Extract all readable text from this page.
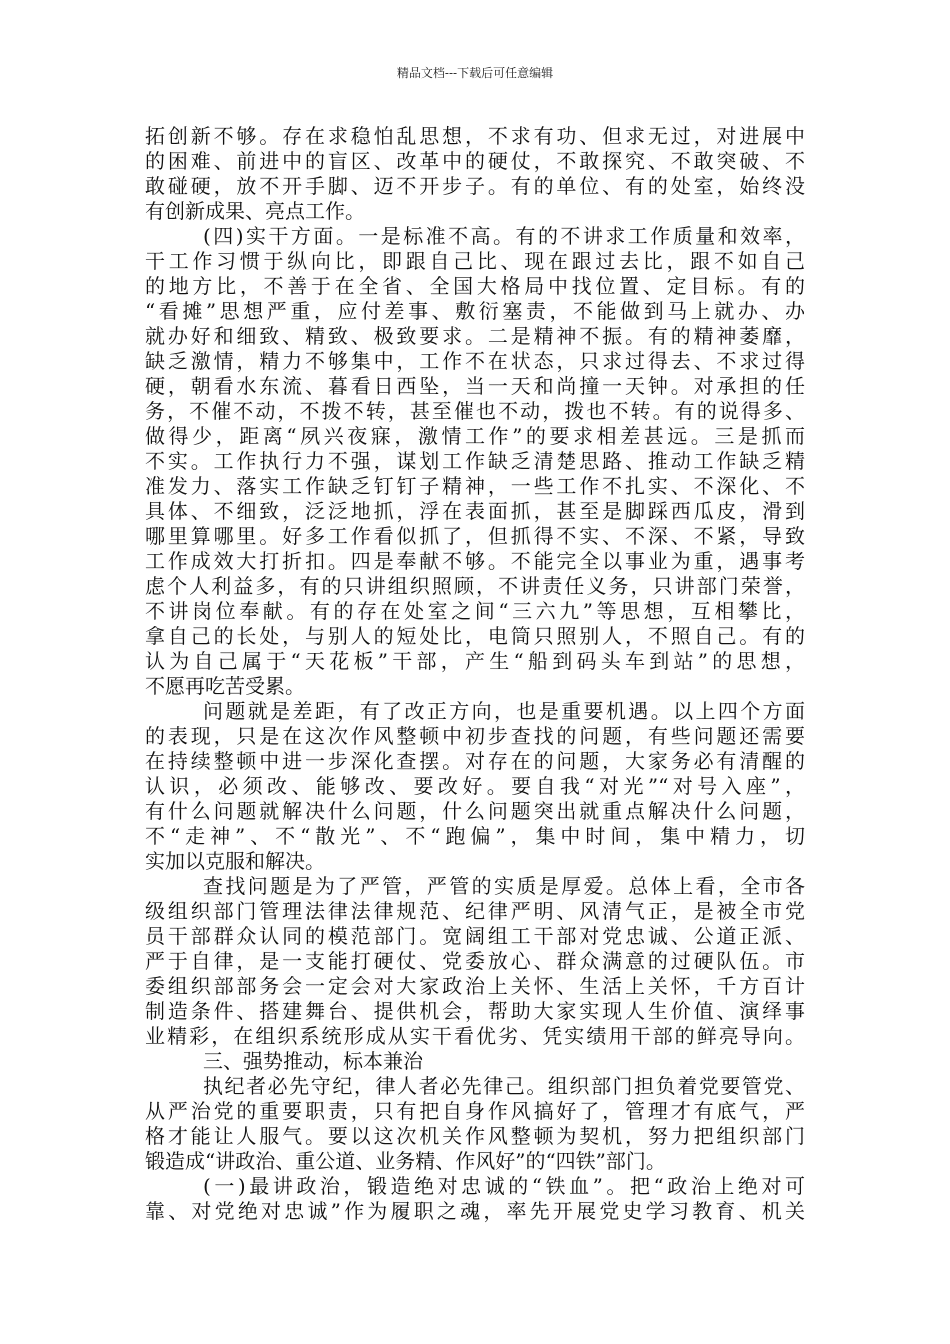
精品文档---下载后可任意编辑
拓创新不够。存在求稳怕乱思想，不求有功、但求无过，对进展中
的困难、前进中的盲区、改革中的硬仗，不敢探究、不敢突破、不
敢碰硬，放不开手脚、迈不开步子。有的单位、有的处室，始终没
有创新成果、亮点工作。
(四)实干方面。一是标准不高。有的不讲求工作质量和效率，
干工作习惯于纵向比，即跟自己比、现在跟过去比，跟不如自己
的地方比，不善于在全省、全国大格局中找位置、定目标。有的
“看摊”思想严重，应付差事、敷衍塞责，不能做到马上就办、办
就办好和细致、精致、极致要求。二是精神不振。有的精神萎靡，
缺乏激情，精力不够集中，工作不在状态，只求过得去、不求过得
硬，朝看水东流、暮看日西坠，当一天和尚撞一天钟。对承担的任
务，不催不动，不拨不转，甚至催也不动，拨也不转。有的说得多、
做得少，距离“夙兴夜寐，激情工作”的要求相差甚远。三是抓而
不实。工作执行力不强，谋划工作缺乏清楚思路、推动工作缺乏精
准发力、落实工作缺乏钉钉子精神，一些工作不扎实、不深化、不
具体、不细致，泛泛地抓，浮在表面抓，甚至是脚踩西瓜皮，滑到
哪里算哪里。好多工作看似抓了，但抓得不实、不深、不紧，导致
工作成效大打折扣。四是奉献不够。不能完全以事业为重，遇事考
虑个人利益多，有的只讲组织照顾，不讲责任义务，只讲部门荣誉，
不讲岗位奉献。有的存在处室之间“三六九”等思想，互相攀比，
拿自己的长处，与别人的短处比，电筒只照别人，不照自己。有的
认为自己属于“天花板”干部，产生“船到码头车到站”的思想，
不愿再吃苦受累。
问题就是差距，有了改正方向，也是重要机遇。以上四个方面
的表现，只是在这次作风整顿中初步查找的问题，有些问题还需要
在持续整顿中进一步深化查摆。对存在的问题，大家务必有清醒的
认识，必须改、能够改、要改好。要自我“对光”“对号入座”，
有什么问题就解决什么问题，什么问题突出就重点解决什么问题，
不“走神”、不“散光”、不“跑偏”，集中时间，集中精力，切
实加以克服和解决。
查找问题是为了严管，严管的实质是厚爱。总体上看，全市各
级组织部门管理法律法律规范、纪律严明、风清气正，是被全市党
员干部群众认同的模范部门。宽阔组工干部对党忠诚、公道正派、
严于自律，是一支能打硬仗、党委放心、群众满意的过硬队伍。市
委组织部部务会一定会对大家政治上关怀、生活上关怀，千方百计
制造条件、搭建舞台、提供机会，帮助大家实现人生价值、演绎事
业精彩，在组织系统形成从实干看优劣、凭实绩用干部的鲜亮导向。
三、强势推动，标本兼治
执纪者必先守纪，律人者必先律己。组织部门担负着党要管党、
从严治党的重要职责，只有把自身作风搞好了，管理才有底气，严
格才能让人服气。要以这次机关作风整顿为契机，努力把组织部门
锻造成“讲政治、重公道、业务精、作风好”的“四铁”部门。
(一)最讲政治，锻造绝对忠诚的“铁血”。把“政治上绝对可
靠、对党绝对忠诚”作为履职之魂，率先开展党史学习教育、机关
